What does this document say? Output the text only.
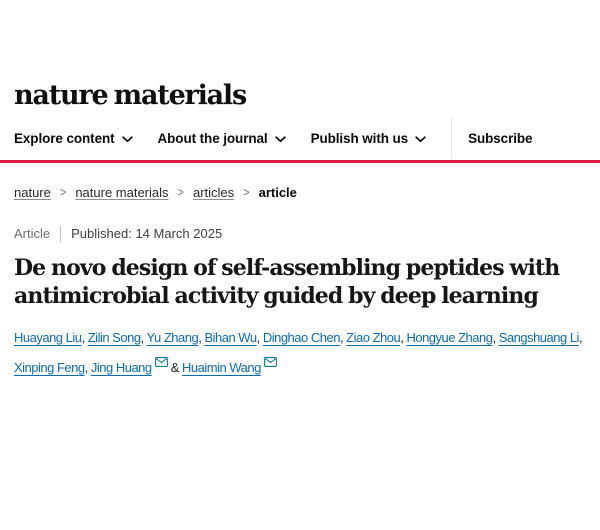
nature materials
Explore content	About the journal	Publish with us	Subscribe
nature > nature materials > articles > article
Article Published: 14 March 2025
De novo design of self-assembling peptides with antimicrobial activity guided by deep learning
Huayang Liu, Zilin Song, Yu Zhang, Bihan Wu, Dinghao Chen, Ziao Zhou, Hongyue Zhang, Sangshuang Li, Xinping Feng, Jing Huang & Huaimin Wang
